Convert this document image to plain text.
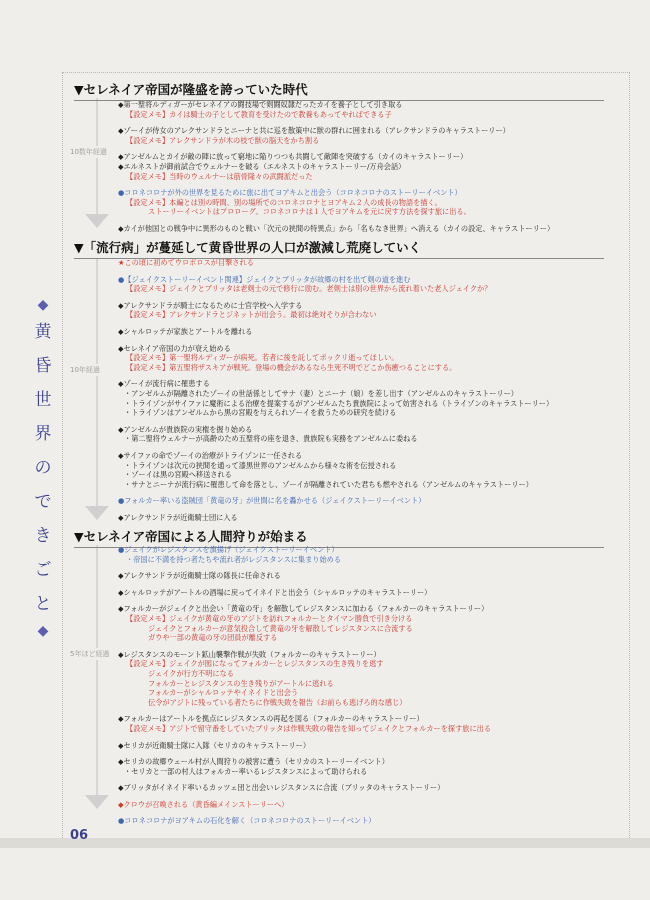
◆
黄
昏
世
界
の
で
き
ご
と
◆
10数年経過
10年経過
5年ほど経過
▼セレネイア帝国が隆盛を誇っていた時代
◆第一聖将ルディガーがセレネイアの闘技場で剣闘奴隷だったカイを養子として引き取る
【設定メモ】カイは騎士の子として教育を受けたので教養もあってやればできる子
◆ゾーイが侍女のアレクサンドラとニーナと共に巡を散策中に獣の群れに囲まれる（アレクサンドラのキャラストーリー）
【設定メモ】アレクサンドラが木の枝で獣の脳天をかち割る
◆アンゼルムとカイが敵の陣に放って窮地に陥りつつも共闘して敵陣を突破する（カイのキャラストーリー）
◆エルネストが御前試合でウェルナーを破る（エルネストのキャラストーリー/万舟会話）
【設定メモ】当時のウェルナーは筋骨隆々の武闘派だった
●コロネコロナが外の世界を見るために旅に出てヨアキムと出会う（コロネコロナのストーリーイベント）
【設定メモ】本編とは別の時間、別の場所でのコロネコロナとヨアキム２人の成長の物語を描く。
ストーリーイベントはプロローグ。コロネコロナは１人でヨアキムを元に戻す方法を探す旅に出る。
◆カイが他国との戦争中に異形のものと戦い「次元の狭間の特異点」から「名もなき世界」へ消える（カイの設定、キャラストーリー）
▼「流行病」が蔓延して黄昏世界の人口が激減し荒廃していく
★この頃に初めてウロボロスが目撃される
●【ジェイクストーリーイベント関連】ジェイクとブリッタが故郷の村を出て剣の道を進む
【設定メモ】ジェイクとブリッタは老剣士の元で修行に励む。老剣士は別の世界から流れ着いた老人ジェイクか？
◆アレクサンドラが騎士になるために士官学校へ入学する
【設定メモ】アレクサンドラとジネットが出会う。最初は絶対そりが合わない
◆シャルロッテが家族とアートルを離れる
◆セレネイア帝国の力が衰え始める
【設定メモ】第一聖将ルディガーが病死。若者に後を託してポックリ逝ってほしい。
【設定メモ】第五聖将ザスキアが戦死。登場の機会があるなら生死不明でどこか伤癒つることにする。
◆ゾーイが流行病に罹患する
・アンゼルムが隔離されたゾーイの世話係としてサナ（妻）とニーナ（娘）を差し出す（アンゼルムのキャラストーリー）
・トライゾンがサイファに魔術による治療を提案するがアンゼルムたち貴族院によって妨害される（トライゾンのキャラストーリー）
・トライゾンはアンゼルムから黒の宮殿を与えられゾーイを救うための研究を続ける
◆アンゼルムが貴族院の実権を握り始める
・第二聖将ウェルナーが高齢のため五聖将の座を退き、貴族院も実務をアンゼルムに委ねる
◆サイファの命でゾーイの治療がトライゾンに一任される
・トライゾンは次元の狭間を通って漆黒世界のアンゼルムから様々な術を伝授される
・ゾーイは黒の宮殿へ移送される
・サナとニーナが流行病に罹患して命を落とし、ゾーイが隔離されていた君ちも燃やされる（アンゼルムのキャラストーリー）
●フォルカー率いる盗賊団「黄竜の牙」が世間に名を轟かせる（ジェイクストーリーイベント）
◆アレクサンドラが近衛騎士団に入る
▼セレネイア帝国による人間狩りが始まる
●ジェイクがレジスタンスを旗揚げ（ジェイクストーリーイベント）
・帝国に不満を持つ者たちや流れ者がレジスタンスに集まり始める
◆アレクサンドラが近衛騎士隊の隊長に任命される
◆シャルロッテがアートルの酒場に戻ってイネイドと出会う（シャルロッテのキャラストーリー）
◆フォルカーがジェイクと出会い「黄竜の牙」を解散してレジスタンスに加わる（フォルカーのキャラストーリー）
【設定メモ】ジェイクが黄竜の牙のアジトを訪れフォルカーとタイマン勝負で引き分ける
ジェイクとフォルカーが意気投合して黄竜の牙を解散してレジスタンスに合流する
ガウや一部の黄竜の牙の団員が離反する
◆レジスタンスのモーント鉱山襲撃作戦が失敗（フォルカーのキャラストーリー）
【設定メモ】ジェイクが囮になってフォルカーとレジスタンスの生き残りを逃す
ジェイクが行方不明になる
フォルカーとレジスタンスの生き残りがアートルに逃れる
フォルカーがシャルロッテやイネイドと出会う
伝令がアジトに残っている者たちに作戦失敗を報告（お前らも逃げろ的な感じ）
◆フォルカーはアートルを拠点にレジスタンスの再起を図る（フォルカーのキャラストーリー）
【設定メモ】アジトで留守番をしていたブリッタは作戦失敗の報告を知ってジェイクとフォルカーを探す旅に出る
◆セリカが近衛騎士隊に入隊（セリカのキャラストーリー）
◆セリカの故郷ウェール村が人間狩りの被害に遭う（セリカのストーリーイベント）
・セリカと一部の村人はフォルカー率いるレジスタンスによって助けられる
◆ブリッタがイネイド率いるカッツェ団と出会いレジスタンスに合流（ブリッタのキャラストーリー）
◆クロウが召喚される（黄昏編メインストーリーへ）
●コロネコロナがヨアキムの石化を解く（コロネコロナのストーリーイベント）
06
